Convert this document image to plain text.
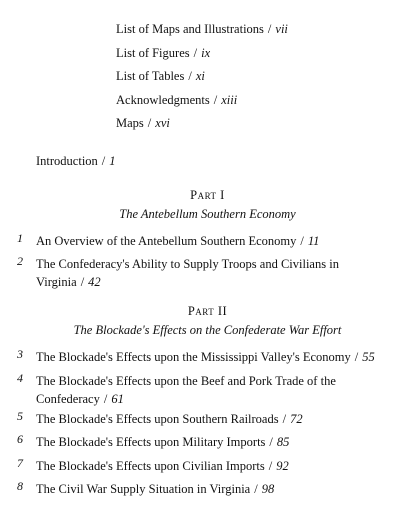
List of Maps and Illustrations / vii
List of Figures / ix
List of Tables / xi
Acknowledgments / xiii
Maps / xvi
Introduction / 1
Part I
The Antebellum Southern Economy
1 An Overview of the Antebellum Southern Economy / 11
2 The Confederacy's Ability to Supply Troops and Civilians in Virginia / 42
Part II
The Blockade's Effects on the Confederate War Effort
3 The Blockade's Effects upon the Mississippi Valley's Economy / 55
4 The Blockade's Effects upon the Beef and Pork Trade of the Confederacy / 61
5 The Blockade's Effects upon Southern Railroads / 72
6 The Blockade's Effects upon Military Imports / 85
7 The Blockade's Effects upon Civilian Imports / 92
8 The Civil War Supply Situation in Virginia / 98
